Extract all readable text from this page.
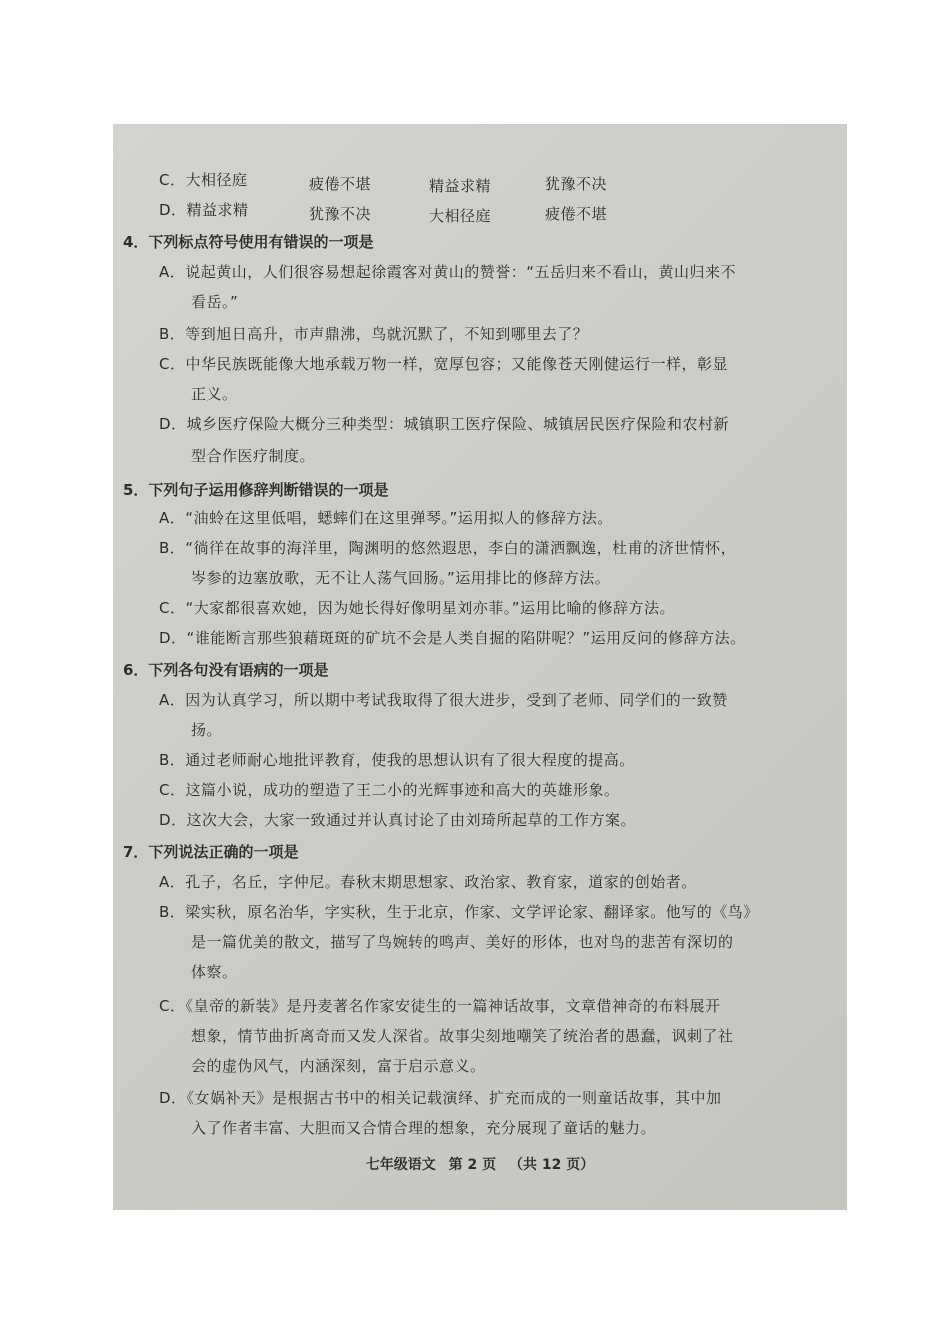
C．大相径庭	疲倦不堪	精益求精	犹豫不决
D．精益求精	犹豫不决	大相径庭	疲倦不堪
4．下列标点符号使用有错误的一项是
A．说起黄山，人们很容易想起徐霞客对黄山的赞誉：“五岳归来不看山，黄山归来不
看岳。”
B．等到旭日高升，市声鼎沸，鸟就沉默了，不知到哪里去了？
C．中华民族既能像大地承载万物一样，宽厚包容；又能像苍天刚健运行一样，彰显
正义。
D．城乡医疗保险大概分三种类型：城镇职工医疗保险、城镇居民医疗保险和农村新
型合作医疗制度。
5．下列句子运用修辞判断错误的一项是
A．“油蛉在这里低唱，蟋蟀们在这里弹琴。”运用拟人的修辞方法。
B．“徜徉在故事的海洋里，陶渊明的悠然遐思，李白的潇洒飘逸，杜甫的济世情怀，
岑参的边塞放歌，无不让人荡气回肠。”运用排比的修辞方法。
C．“大家都很喜欢她，因为她长得好像明星刘亦菲。”运用比喻的修辞方法。
D．“谁能断言那些狼藉斑斑的矿坑不会是人类自掘的陷阱呢？”运用反问的修辞方法。
6．下列各句没有语病的一项是
A．因为认真学习，所以期中考试我取得了很大进步，受到了老师、同学们的一致赞
扬。
B．通过老师耐心地批评教育，使我的思想认识有了很大程度的提高。
C．这篇小说，成功的塑造了王二小的光辉事迹和高大的英雄形象。
D．这次大会，大家一致通过并认真讨论了由刘琦所起草的工作方案。
7．下列说法正确的一项是
A．孔子，名丘，字仲尼。春秋末期思想家、政治家、教育家，道家的创始者。
B．梁实秋，原名治华，字实秋，生于北京，作家、文学评论家、翻译家。他写的《鸟》
是一篇优美的散文，描写了鸟婉转的鸣声、美好的形体，也对鸟的悲苦有深切的
体察。
C．《皇帝的新装》是丹麦著名作家安徒生的一篇神话故事，文章借神奇的布料展开
想象，情节曲折离奇而又发人深省。故事尖刻地嘲笑了统治者的愚蠢，讽刺了社
会的虚伪风气，内涵深刻，富于启示意义。
D．《女娲补天》是根据古书中的相关记载演绎、扩充而成的一则童话故事，其中加
入了作者丰富、大胆而又合情合理的想象，充分展现了童话的魅力。
七年级语文 第 2 页 （共 12 页）
